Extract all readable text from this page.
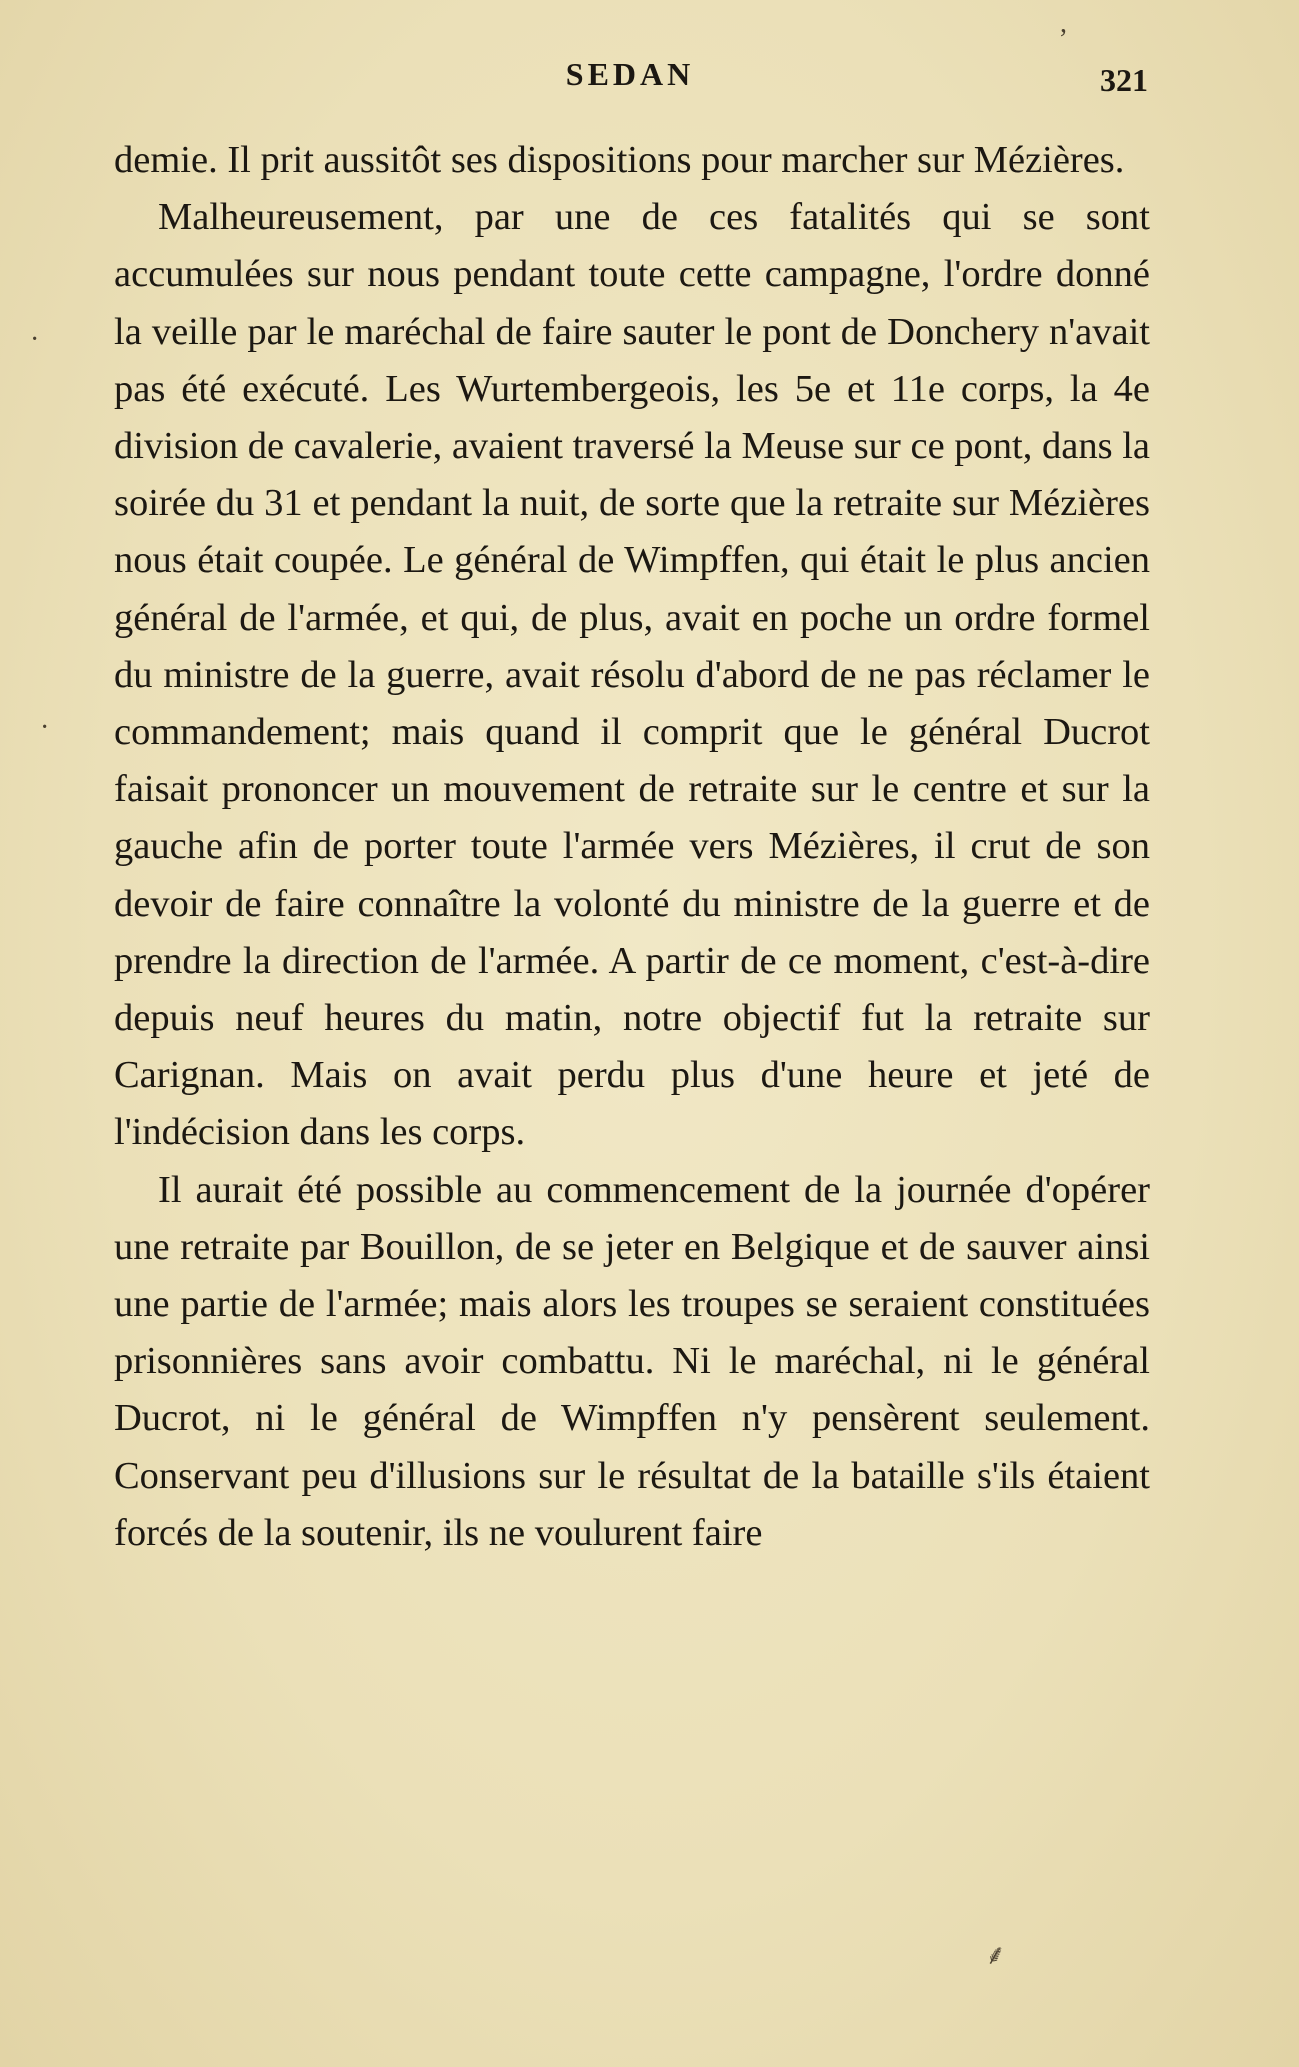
SEDAN	321

demie. Il prit aussitôt ses dispositions pour marcher sur Mézières.

Malheureusement, par une de ces fatalités qui se sont accumulées sur nous pendant toute cette campagne, l'ordre donné la veille par le maréchal de faire sauter le pont de Donchery n'avait pas été exécuté. Les Wurtembergeois, les 5e et 11e corps, la 4e division de cavalerie, avaient traversé la Meuse sur ce pont, dans la soirée du 31 et pendant la nuit, de sorte que la retraite sur Mézières nous était coupée. Le général de Wimpffen, qui était le plus ancien général de l'armée, et qui, de plus, avait en poche un ordre formel du ministre de la guerre, avait résolu d'abord de ne pas réclamer le commandement; mais quand il comprit que le général Ducrot faisait prononcer un mouvement de retraite sur le centre et sur la gauche afin de porter toute l'armée vers Mézières, il crut de son devoir de faire connaître la volonté du ministre de la guerre et de prendre la direction de l'armée. A partir de ce moment, c'est-à-dire depuis neuf heures du matin, notre objectif fut la retraite sur Carignan. Mais on avait perdu plus d'une heure et jeté de l'indécision dans les corps.

Il aurait été possible au commencement de la journée d'opérer une retraite par Bouillon, de se jeter en Belgique et de sauver ainsi une partie de l'armée; mais alors les troupes se seraient constituées prisonnières sans avoir combattu. Ni le maréchal, ni le général Ducrot, ni le général de Wimpffen n'y pensèrent seulement. Conservant peu d'illusions sur le résultat de la bataille s'ils étaient forcés de la soutenir, ils ne voulurent faire

,
·
·
⸙
